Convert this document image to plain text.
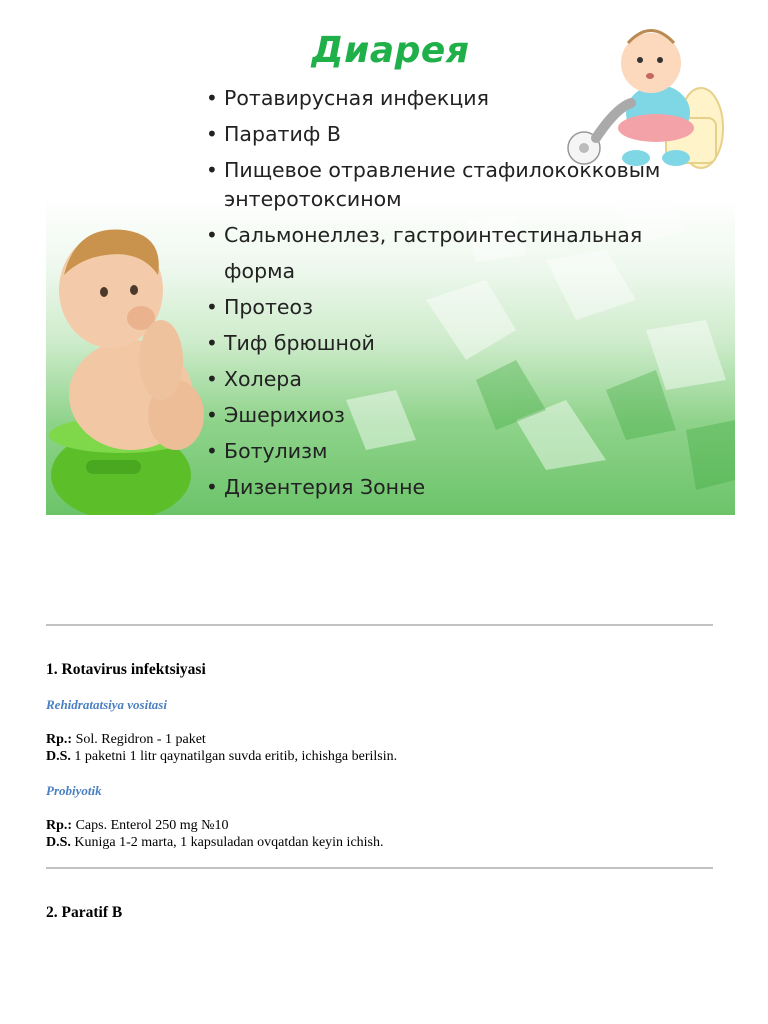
Диарея
• Ротавирусная инфекция
• Паратиф В
• Пищевое отравление стафилококковым
энтеротоксином
• Сальмонеллез, гастроинтестинальная
форма
• Протеоз
• Тиф брюшной
• Холера
• Эшерихиоз
• Ботулизм
• Дизентерия Зонне
1. Rotavirus infektsiyasi
Rehidratatsiya vositasi
Rp.: Sol. Regidron - 1 paket
D.S. 1 paketni 1 litr qaynatilgan suvda eritib, ichishga berilsin.
Probiyotik
Rp.: Caps. Enterol 250 mg №10
D.S. Kuniga 1-2 marta, 1 kapsuladan ovqatdan keyin ichish.
2. Paratif B
